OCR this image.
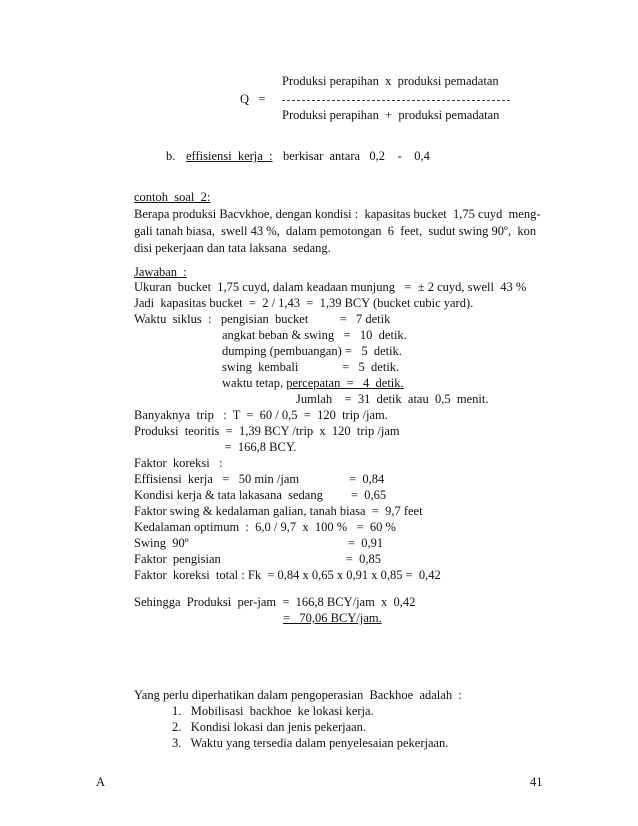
Produksi perapihan  x  produksi pemadatan
Q   =
Produksi perapihan  +  produksi pemadatan
b. effisiensi  kerja  : berkisar  antara   0,2    -    0,4
contoh  soal  2:
Berapa produksi Bacvkhoe, dengan kondisi :  kapasitas bucket  1,75 cuyd  meng-
gali tanah biasa,  swell 43 %,  dalam pemotongan  6  feet,  sudut swing 90º,  kon
disi pekerjaan dan tata laksana  sedang.
Jawaban  :
Ukuran  bucket  1,75 cuyd, dalam keadaan munjung   =  ± 2 cuyd, swell  43 %
Jadi  kapasitas bucket  =  2 / 1,43  =  1,39 BCY (bucket cubic yard).
Waktu  siklus  :   pengisian  bucket          =   7 detik
angkat beban & swing   =   10  detik.
dumping (pembuangan) =   5  detik.
swing  kembali              =   5  detik.
waktu tetap, percepatan  =   4  detik.
Jumlah    =  31  detik  atau  0,5  menit.
Banyaknya  trip   :  T  =  60 / 0,5  =  120  trip /jam.
Produksi  teoritis  =  1,39 BCY /trip  x  120  trip /jam
=  166,8 BCY.
Faktor  koreksi   :
Effisiensi  kerja   =   50 min /jam                =  0,84
Kondisi kerja & tata lakasana  sedang         =  0,65
Faktor swing & kedalaman galian, tanah biasa  =  9,7 feet
Kedalaman optimum  :  6,0 / 9,7  x  100 %   =  60 %
Swing  90º                                                   =  0,91
Faktor  pengisian                                        =  0,85
Faktor  koreksi  total : Fk  = 0,84 x 0,65 x 0,91 x 0,85 =  0,42
Sehingga  Produksi  per-jam  =  166,8 BCY/jam  x  0,42
=   70,06 BCY/jam.
Yang perlu diperhatikan dalam pengoperasian  Backhoe  adalah  :
1.   Mobilisasi  backhoe  ke lokasi kerja.
2.   Kondisi lokasi dan jenis pekerjaan.
3.   Waktu yang tersedia dalam penyelesaian pekerjaan.
A	41
